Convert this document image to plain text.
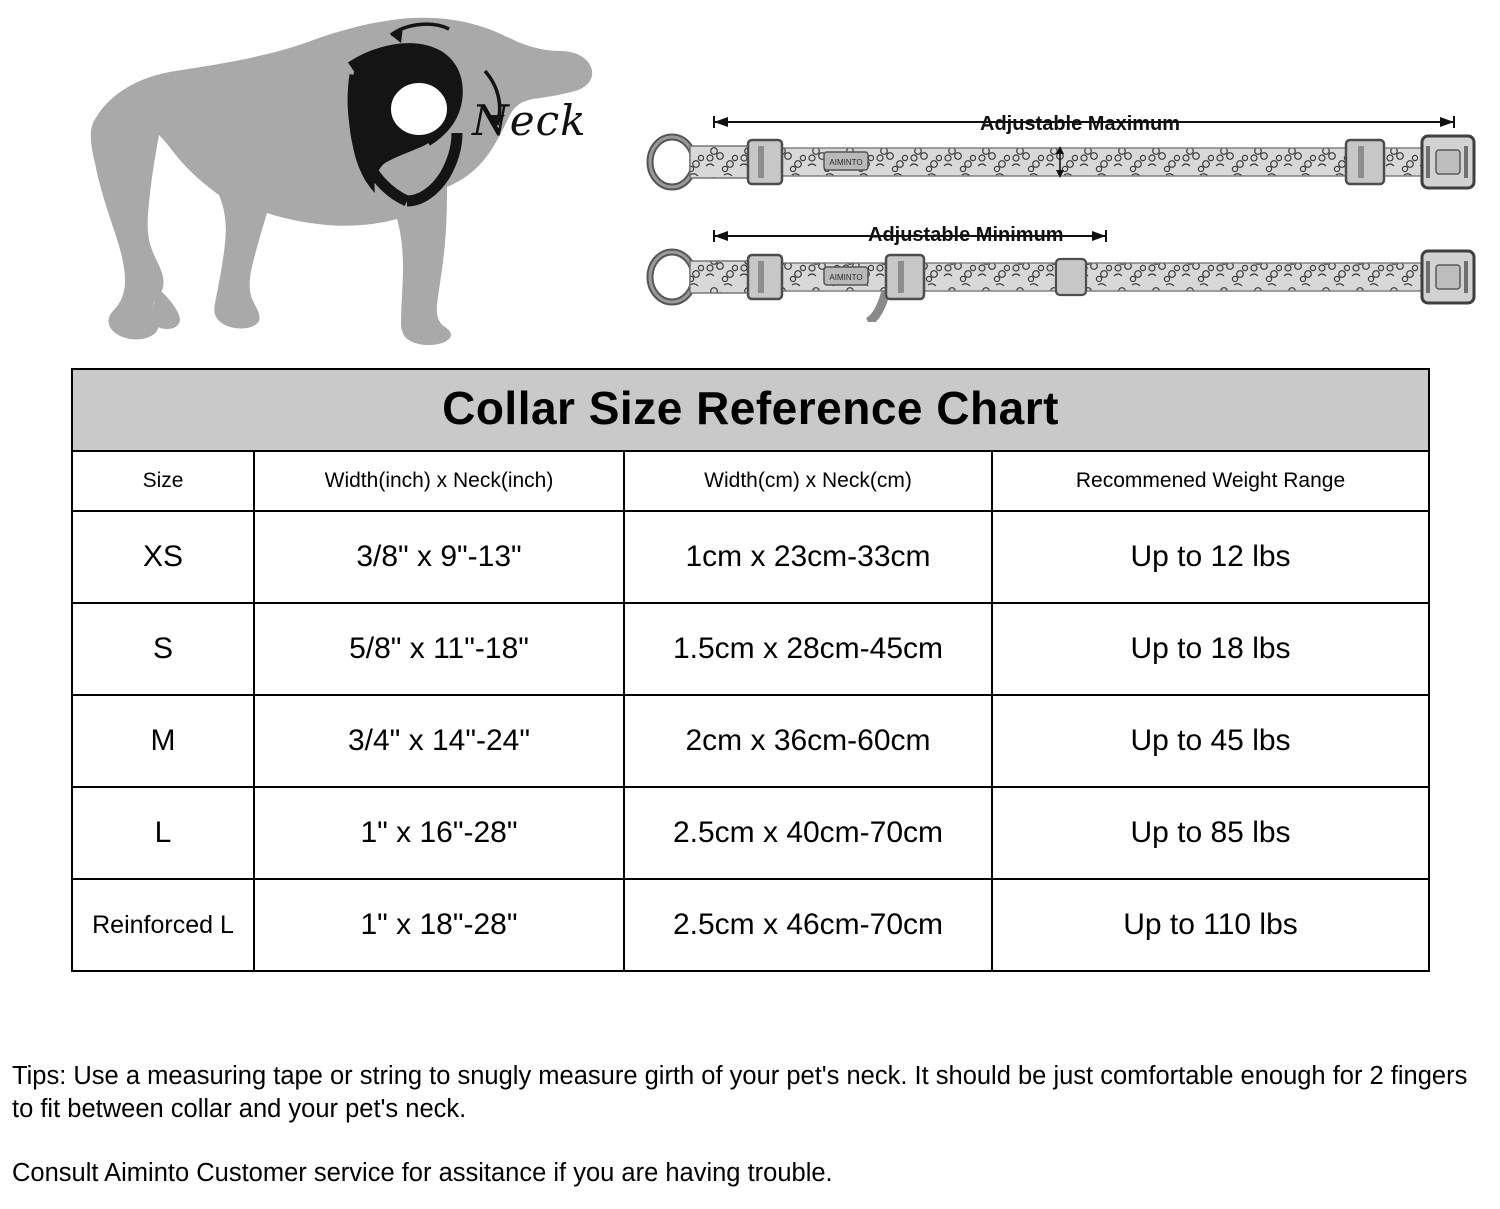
Neck	Adjustable Maximum
Adjustable Minimum
AIMINTO
AIMINTO
Collar Size Reference Chart			
Size	Width(inch) x Neck(inch)	Width(cm) x Neck(cm)	Recommened Weight Range
XS	3/8" x 9"-13"	1cm x 23cm-33cm	Up to 12 lbs
S	5/8" x 11"-18"	1.5cm x 28cm-45cm	Up to 18 lbs
M	3/4" x 14"-24"	2cm x 36cm-60cm	Up to 45 lbs
L	1" x 16"-28"	2.5cm x 40cm-70cm	Up to 85 lbs
Reinforced L	1" x 18"-28"	2.5cm x 46cm-70cm	Up to 110 lbs

Tips: Use a measuring tape or string to snugly measure girth of your pet's neck. It should be just comfortable enough for 2 fingers to fit between collar and your pet's neck.

Consult Aiminto Customer service for assitance if you are having trouble.
